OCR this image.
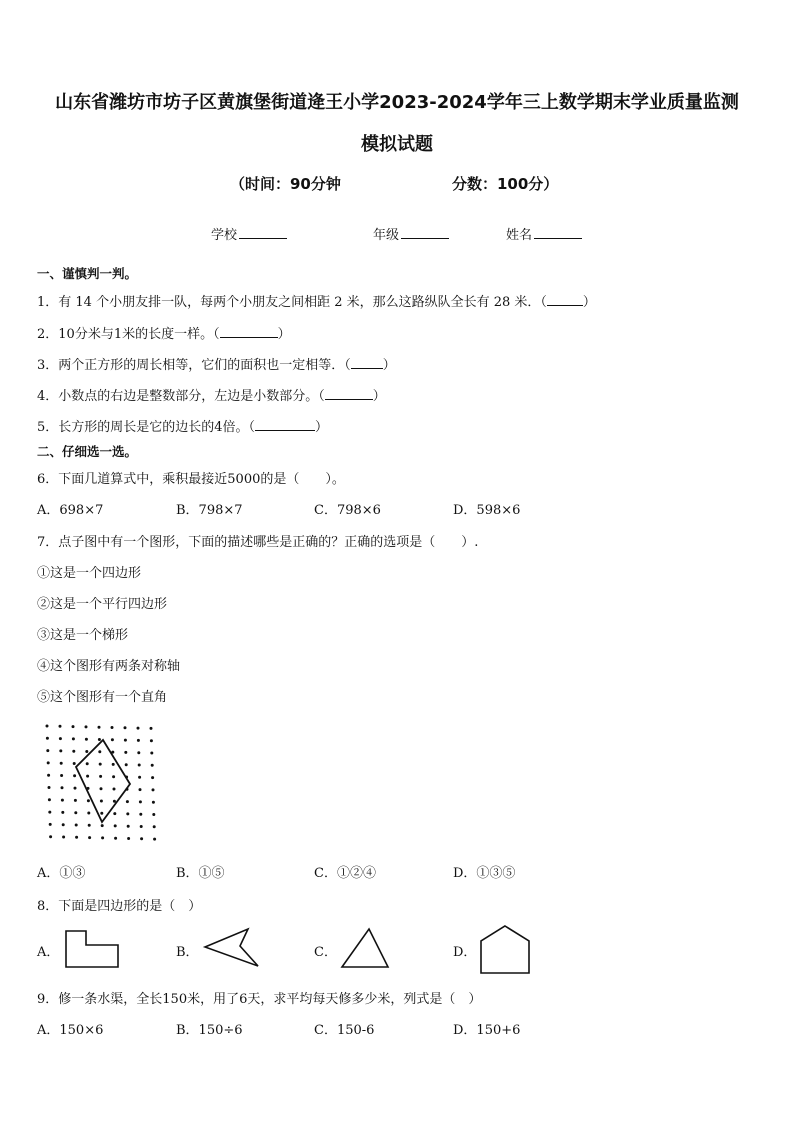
山东省潍坊市坊子区黄旗堡街道逄王小学2023-2024学年三上数学期末学业质量监测
模拟试题
（时间：90分钟	分数：100分）
学校	年级	姓名
一、谨慎判一判。
1．有 14 个小朋友排一队，每两个小朋友之间相距 2 米，那么这路纵队全长有 28 米．（	）
2．10分米与1米的长度一样。（	）
3．两个正方形的周长相等，它们的面积也一定相等．（ ）
4．小数点的右边是整数部分，左边是小数部分。（	）
5．长方形的周长是它的边长的4倍。（	）
二、仔细选一选。
6．下面几道算式中，乘积最接近5000的是（　　）。
A．698×7	B．798×7	C．798×6	D．598×6
7．点子图中有一个图形，下面的描述哪些是正确的？正确的选项是（　　）.
①这是一个四边形
②这是一个平行四边形
③这是一个梯形
④这个图形有两条对称轴
⑤这个图形有一个直角
A．①③	B．①⑤	C．①②④	D．①③⑤
8．下面是四边形的是（　）
A．	B．	C．	D．
9．修一条水渠，全长150米，用了6天，求平均每天修多少米，列式是（　）
A．150×6	B．150÷6	C．150-6	D．150+6
